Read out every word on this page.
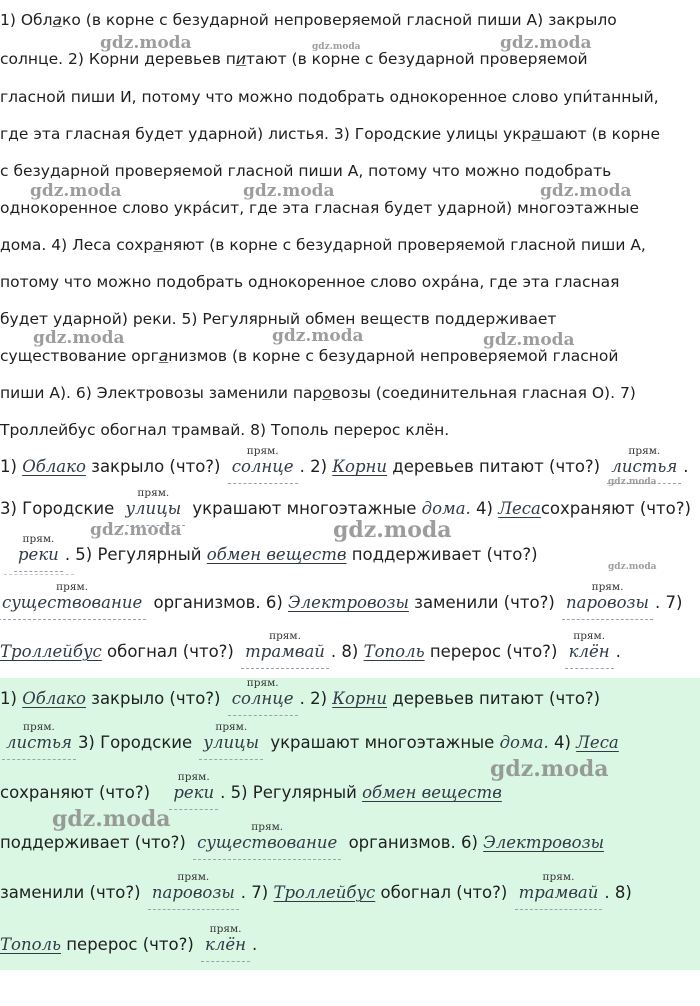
gdz.moda	gdz.moda	gdz.moda
gdz.moda	gdz.moda	gdz.moda
gdz.moda	gdz.moda	gdz.moda
1) Облако (в корне с безударной непроверяемой гласной пиши А) закрыло
солнце. 2) Корни деревьев питают (в корне с безударной проверяемой
гласной пиши И, потому что можно подобрать однокоренное слово упи́танный,
где эта гласная будет ударной) листья. 3) Городские улицы украшают (в корне
с безударной проверяемой гласной пиши А, потому что можно подобрать
однокоренное слово укра́сит, где эта гласная будет ударной) многоэтажные
дома. 4) Леса сохраняют (в корне с безударной проверяемой гласной пиши А,
потому что можно подобрать однокоренное слово охра́на, где эта гласная
будет ударной) реки. 5) Регулярный обмен веществ поддерживает
существование организмов (в корне с безударной непроверяемой гласной
пиши А). 6) Электровозы заменили паровозы (соединительная гласная О). 7)
Троллейбус обогнал трамвай. 8) Тополь перерос клён.
1) Облако закрыло (что?)
прям.
солнце . 2) Корни деревьев питают (что?)
прям.
листья .
gdz.moda
3) Городские
прям.
улицы украшают многоэтажные дома. 4) Лесасохраняют (что?)
gdz.moda	gdz.moda
прям.
реки . 5) Регулярный обмен веществ поддерживает (что?)
gdz.moda
прям.
существование организмов. 6) Электровозы заменили (что?)
прям.
паровозы . 7)
Троллейбус обогнал (что?)
прям.
трамвай . 8) Тополь перерос (что?)
прям.
клён .
1) Облако закрыло (что?)
прям.
солнце . 2) Корни деревьев питают (что?)
прям.
листья 3) Городские
прям.
улицы украшают многоэтажные дома. 4) Леса
gdz.moda
сохраняют (что?)
прям.
реки . 5) Регулярный обмен веществ
gdz.moda
поддерживает (что?)
прям.
существование организмов. 6) Электровозы
заменили (что?)
прям.
паровозы . 7) Троллейбус обогнал (что?)
прям.
трамвай . 8)
Тополь перерос (что?)
прям.
клён .
